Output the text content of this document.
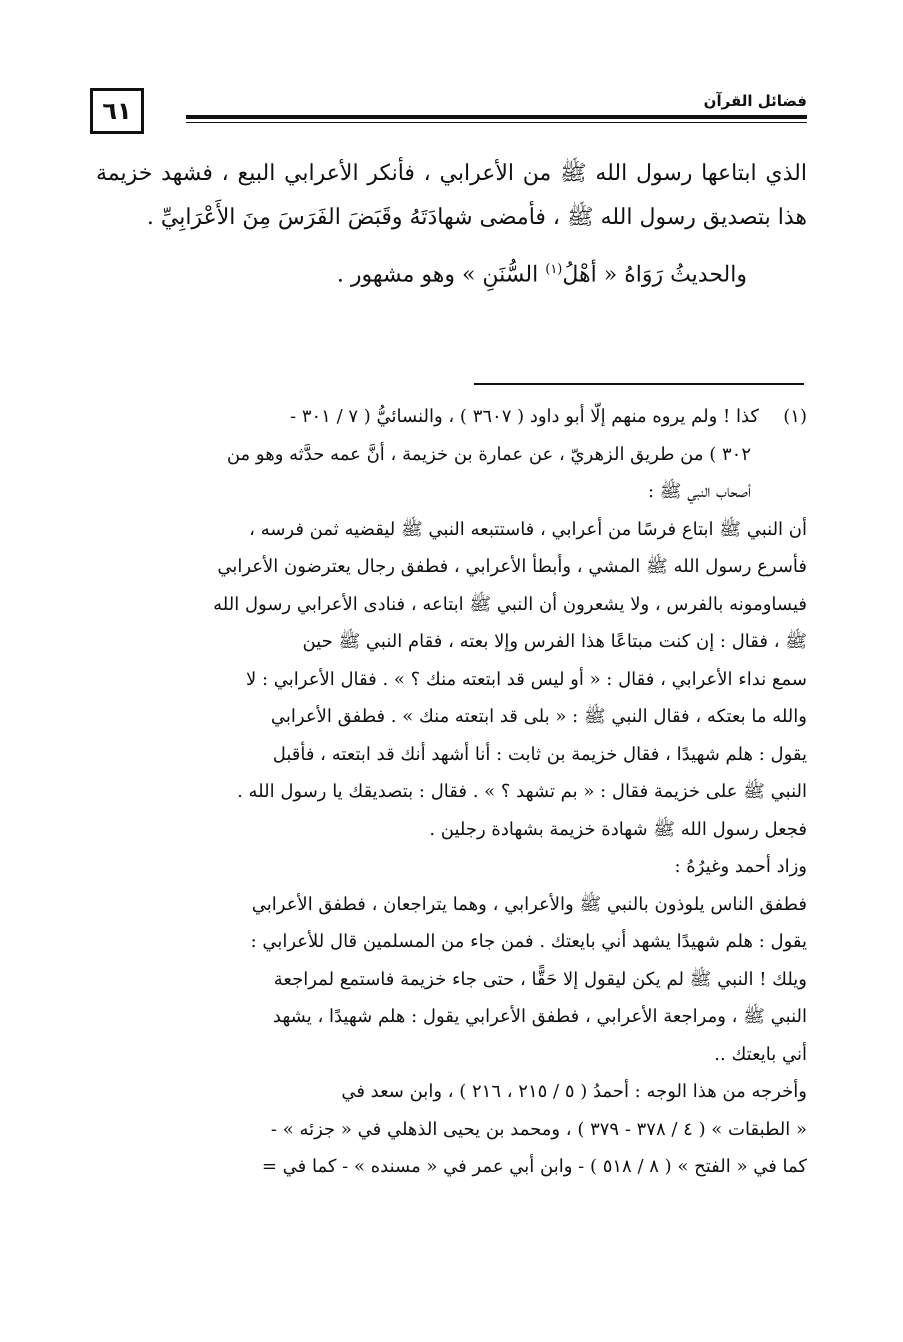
٦١	فضائل القرآن

الذي ابتاعها رسول الله ﷺ من الأعرابي ، فأنكر الأعرابي البيع ، فشهد خزيمة هذا بتصديق رسول الله ﷺ ، فأمضى شهادَتَهُ وقَبَضَ الفَرَسَ مِنَ الأَعْرَابِيِّ .

والحديثُ رَوَاهُ « أهْلُ$^{(١)}$ السُّنَنِ » وهو مشهور .

(١)كذا ! ولم يروه منهم إلّا أبو داود ( ٣٦٠٧ ) ، والنسائيُّ ( ٧ / ٣٠١ -

٣٠٢ ) من طريق الزهريّ ، عن عمارة بن خزيمة ، أنَّ عمه حدَّثه وهو من

أصحاب النبي ﷺ :

أن النبي ﷺ ابتاع فرسًا من أعرابي ، فاستتبعه النبي ﷺ ليقضيه ثمن فرسه ،

فأسرع رسول الله ﷺ المشي ، وأبطأ الأعرابي ، فطفق رجال يعترضون الأعرابي

فيساومونه بالفرس ، ولا يشعرون أن النبي ﷺ ابتاعه ، فنادى الأعرابي رسول الله

ﷺ ، فقال : إن كنت مبتاعًا هذا الفرس وإلا بعته ، فقام النبي ﷺ حين

سمع نداء الأعرابي ، فقال : « أو ليس قد ابتعته منك ؟ » . فقال الأعرابي : لا

والله ما بعتكه ، فقال النبي ﷺ : « بلى قد ابتعته منك » . فطفق الأعرابي

يقول : هلم شهيدًا ، فقال خزيمة بن ثابت : أنا أشهد أنك قد ابتعته ، فأقبل

النبي ﷺ على خزيمة فقال : « بم تشهد ؟ » . فقال : بتصديقك يا رسول الله .

فجعل رسول الله ﷺ شهادة خزيمة بشهادة رجلين .

وزاد أحمد وغيرُهُ :

فطفق الناس يلوذون بالنبي ﷺ والأعرابي ، وهما يتراجعان ، فطفق الأعرابي

يقول : هلم شهيدًا يشهد أني بايعتك . فمن جاء من المسلمين قال للأعرابي :

ويلك ! النبي ﷺ لم يكن ليقول إلا حَقًّا ، حتى جاء خزيمة فاستمع لمراجعة

النبي ﷺ ، ومراجعة الأعرابي ، فطفق الأعرابي يقول : هلم شهيدًا ، يشهد

أني بايعتك ..

وأخرجه من هذا الوجه : أحمدُ ( ٥ / ٢١٥ ، ٢١٦ ) ، وابن سعد في

« الطبقات » ( ٤ / ٣٧٨ - ٣٧٩ ) ، ومحمد بن يحيى الذهلي في « جزئه » -

كما في « الفتح » ( ٨ / ٥١٨ ) - وابن أبي عمر في « مسنده » - كما في =
